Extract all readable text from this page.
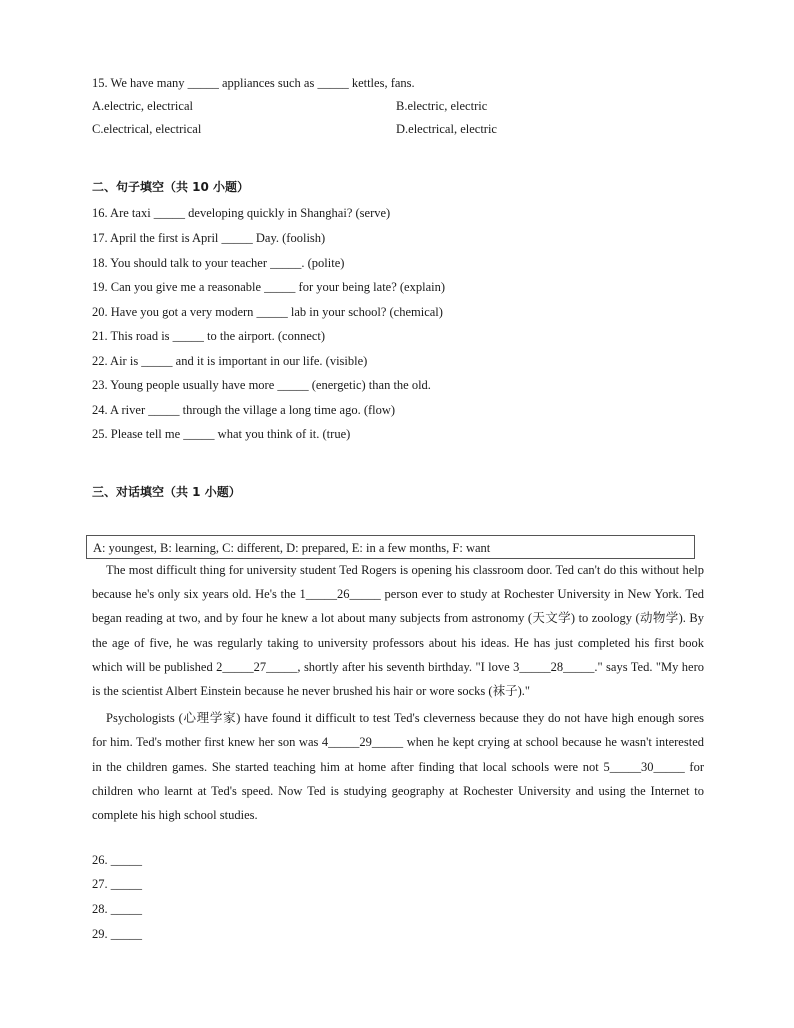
15. We have many _____ appliances such as _____ kettles, fans.
A.electric, electrical	B.electric, electric
C.electrical, electrical	D.electrical, electric
二、句子填空（共 10 小题）
16. Are taxi _____ developing quickly in Shanghai? (serve)
17. April the first is April _____ Day. (foolish)
18. You should talk to your teacher _____. (polite)
19. Can you give me a reasonable _____ for your being late? (explain)
20. Have you got a very modern _____ lab in your school? (chemical)
21. This road is _____ to the airport. (connect)
22. Air is _____ and it is important in our life. (visible)
23. Young people usually have more _____ (energetic) than the old.
24. A river _____ through the village a long time ago. (flow)
25. Please tell me _____ what you think of it. (true)
三、对话填空（共 1 小题）
A: youngest, B: learning, C: different, D: prepared, E: in a few months, F: want

The most difficult thing for university student Ted Rogers is opening his classroom door. Ted can't do this without help because he's only six years old. He's the 1_____26_____ person ever to study at Rochester University in New York. Ted began reading at two, and by four he knew a lot about many subjects from astronomy (天文学) to zoology (动物学). By the age of five, he was regularly taking to university professors about his ideas. He has just completed his first book which will be published 2_____27_____, shortly after his seventh birthday. "I love 3_____28_____." says Ted. "My hero is the scientist Albert Einstein because he never brushed his hair or wore socks (袜子)."

Psychologists (心理学家) have found it difficult to test Ted's cleverness because they do not have high enough sores for him. Ted's mother first knew her son was 4_____29_____ when he kept crying at school because he wasn't interested in the children games. She started teaching him at home after finding that local schools were not 5_____30_____ for children who learnt at Ted's speed. Now Ted is studying geography at Rochester University and using the Internet to complete his high school studies.

26. _____
27. _____
28. _____
29. _____
